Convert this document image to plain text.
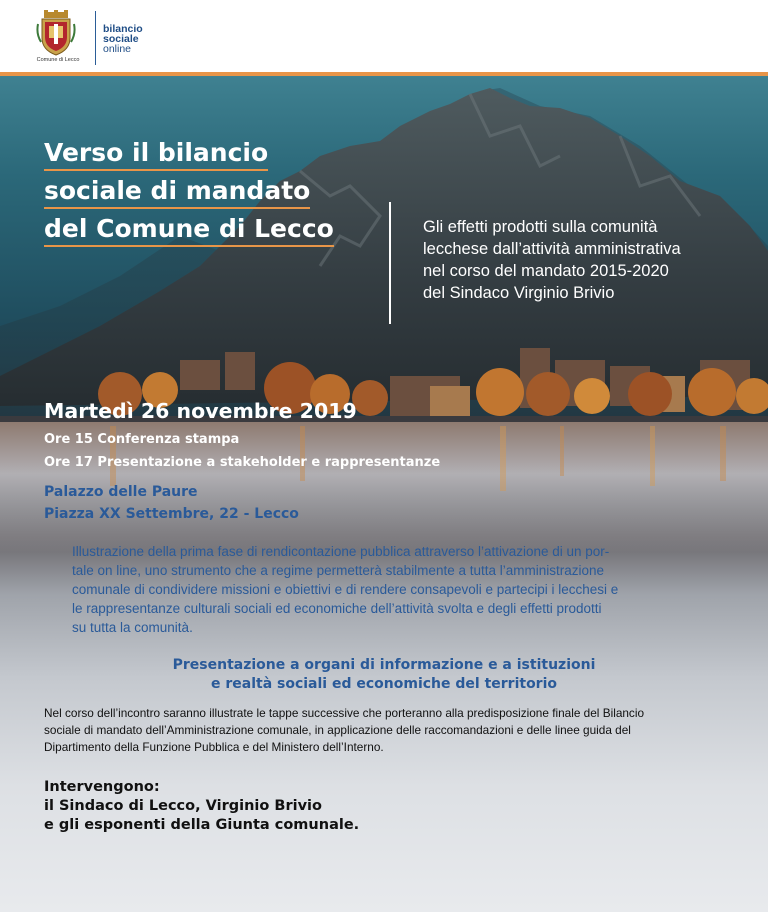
Comune di Lecco
bilancio
sociale
online
Verso il bilancio
sociale di mandato
del Comune di Lecco	Gli effetti prodotti sulla comunità
lecchese dall’attività amministrativa
nel corso del mandato 2015-2020
del Sindaco Virginio Brivio
Martedì 26 novembre 2019
Ore 15 Conferenza stampa
Ore 17 Presentazione a stakeholder e rappresentanze
Palazzo delle Paure
Piazza XX Settembre, 22 - Lecco
Illustrazione della prima fase di rendicontazione pubblica attraverso l’attivazione di un por-
tale on line, uno strumento che a regime permetterà stabilmente a tutta l’amministrazione
comunale di condividere missioni e obiettivi e di rendere consapevoli e partecipi i lecchesi e
le rappresentanze culturali sociali ed economiche dell’attività svolta e degli effetti prodotti
su tutta la comunità.
Presentazione a organi di informazione e a istituzioni
e realtà sociali ed economiche del territorio
Nel corso dell’incontro saranno illustrate le tappe successive che porteranno alla predisposizione finale del Bilancio
sociale di mandato dell’Amministrazione comunale, in applicazione delle raccomandazioni e delle linee guida del
Dipartimento della Funzione Pubblica e del Ministero dell’Interno.
Intervengono:
il Sindaco di Lecco, Virginio Brivio
e gli esponenti della Giunta comunale.
